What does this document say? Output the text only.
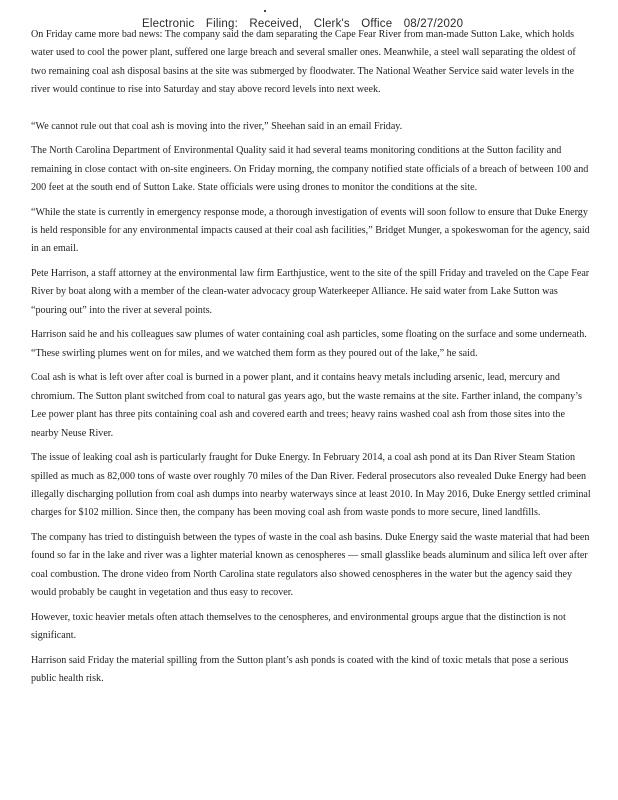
Electronic Filing: Received, Clerk's Office 08/27/2020

On Friday came more bad news: The company said the dam separating the Cape Fear River from man-made Sutton Lake, which holds water used to cool the power plant, suffered one large breach and several smaller ones. Meanwhile, a steel wall separating the oldest of two remaining coal ash disposal basins at the site was submerged by floodwater. The National Weather Service said water levels in the river would continue to rise into Saturday and stay above record levels into next week.

“We cannot rule out that coal ash is moving into the river,” Sheehan said in an email Friday.

The North Carolina Department of Environmental Quality said it had several teams monitoring conditions at the Sutton facility and remaining in close contact with on-site engineers. On Friday morning, the company notified state officials of a breach of between 100 and 200 feet at the south end of Sutton Lake. State officials were using drones to monitor the conditions at the site.

“While the state is currently in emergency response mode, a thorough investigation of events will soon follow to ensure that Duke Energy is held responsible for any environmental impacts caused at their coal ash facilities,” Bridget Munger, a spokeswoman for the agency, said in an email.

Pete Harrison, a staff attorney at the environmental law firm Earthjustice, went to the site of the spill Friday and traveled on the Cape Fear River by boat along with a member of the clean-water advocacy group Waterkeeper Alliance. He said water from Lake Sutton was “pouring out” into the river at several points.

Harrison said he and his colleagues saw plumes of water containing coal ash particles, some floating on the surface and some underneath. “These swirling plumes went on for miles, and we watched them form as they poured out of the lake,” he said.

Coal ash is what is left over after coal is burned in a power plant, and it contains heavy metals including arsenic, lead, mercury and chromium. The Sutton plant switched from coal to natural gas years ago, but the waste remains at the site. Farther inland, the company’s Lee power plant has three pits containing coal ash and covered earth and trees; heavy rains washed coal ash from those sites into the nearby Neuse River.

The issue of leaking coal ash is particularly fraught for Duke Energy. In February 2014, a coal ash pond at its Dan River Steam Station spilled as much as 82,000 tons of waste over roughly 70 miles of the Dan River. Federal prosecutors also revealed Duke Energy had been illegally discharging pollution from coal ash dumps into nearby waterways since at least 2010. In May 2016, Duke Energy settled criminal charges for $102 million. Since then, the company has been moving coal ash from waste ponds to more secure, lined landfills.

The company has tried to distinguish between the types of waste in the coal ash basins. Duke Energy said the waste material that had been found so far in the lake and river was a lighter material known as cenospheres — small glasslike beads aluminum and silica left over after coal combustion. The drone video from North Carolina state regulators also showed cenospheres in the water but the agency said they would probably be caught in vegetation and thus easy to recover.

However, toxic heavier metals often attach themselves to the cenospheres, and environmental groups argue that the distinction is not significant.

Harrison said Friday the material spilling from the Sutton plant’s ash ponds is coated with the kind of toxic metals that pose a serious public health risk.
